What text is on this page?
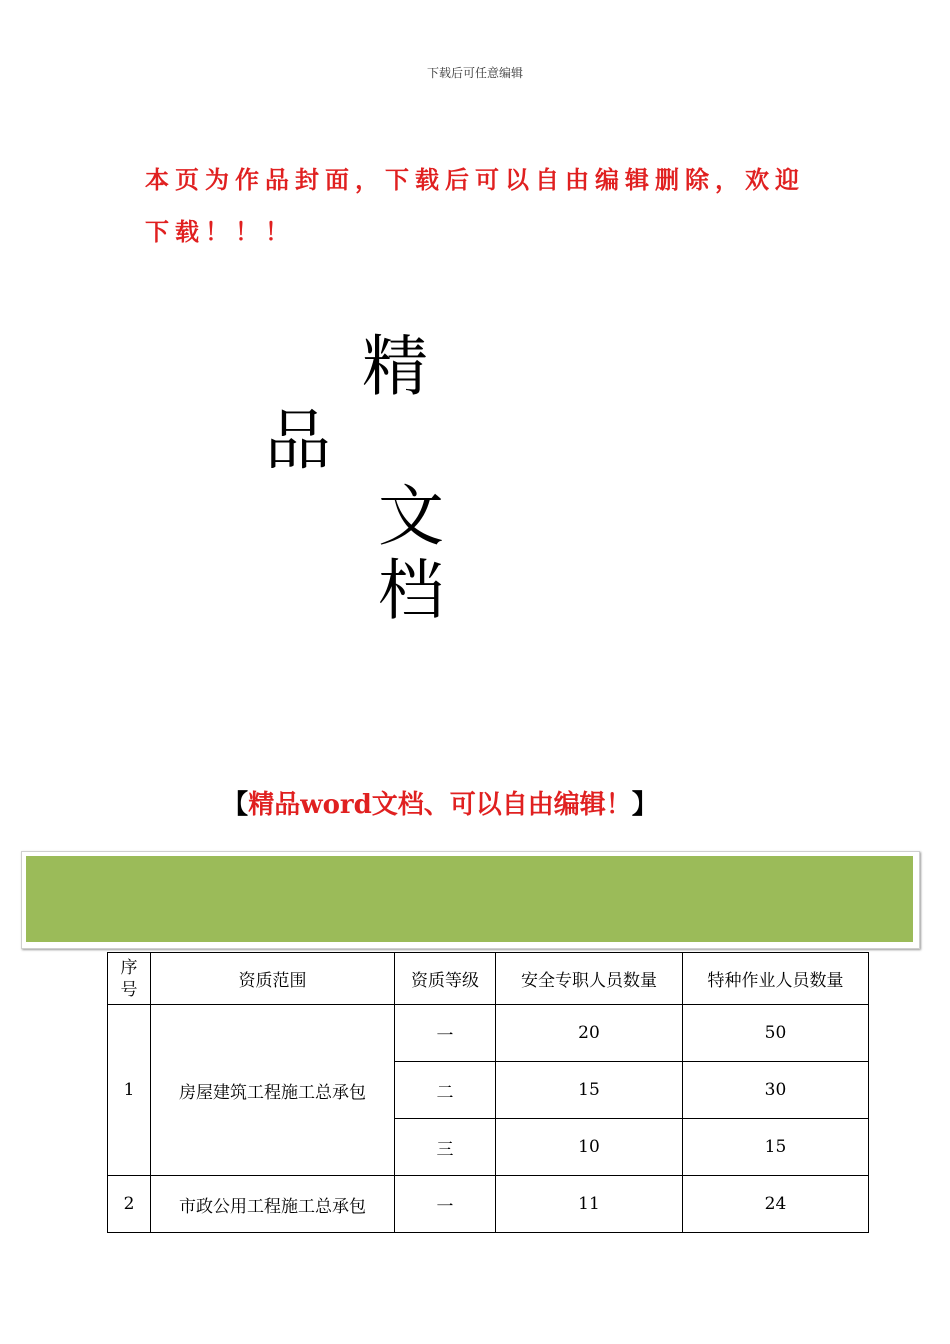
下载后可任意编辑
本页为作品封面，下载后可以自由编辑删除，欢迎下载！！！
精
品
文
档
【精品word文档、可以自由编辑！】
序
号	资质范围	资质等级	安全专职人员数量	特种作业人员数量
1	房屋建筑工程施工总承包	一	20	50
		二	15	30
		三	10	15
2	市政公用工程施工总承包	一	11	24
